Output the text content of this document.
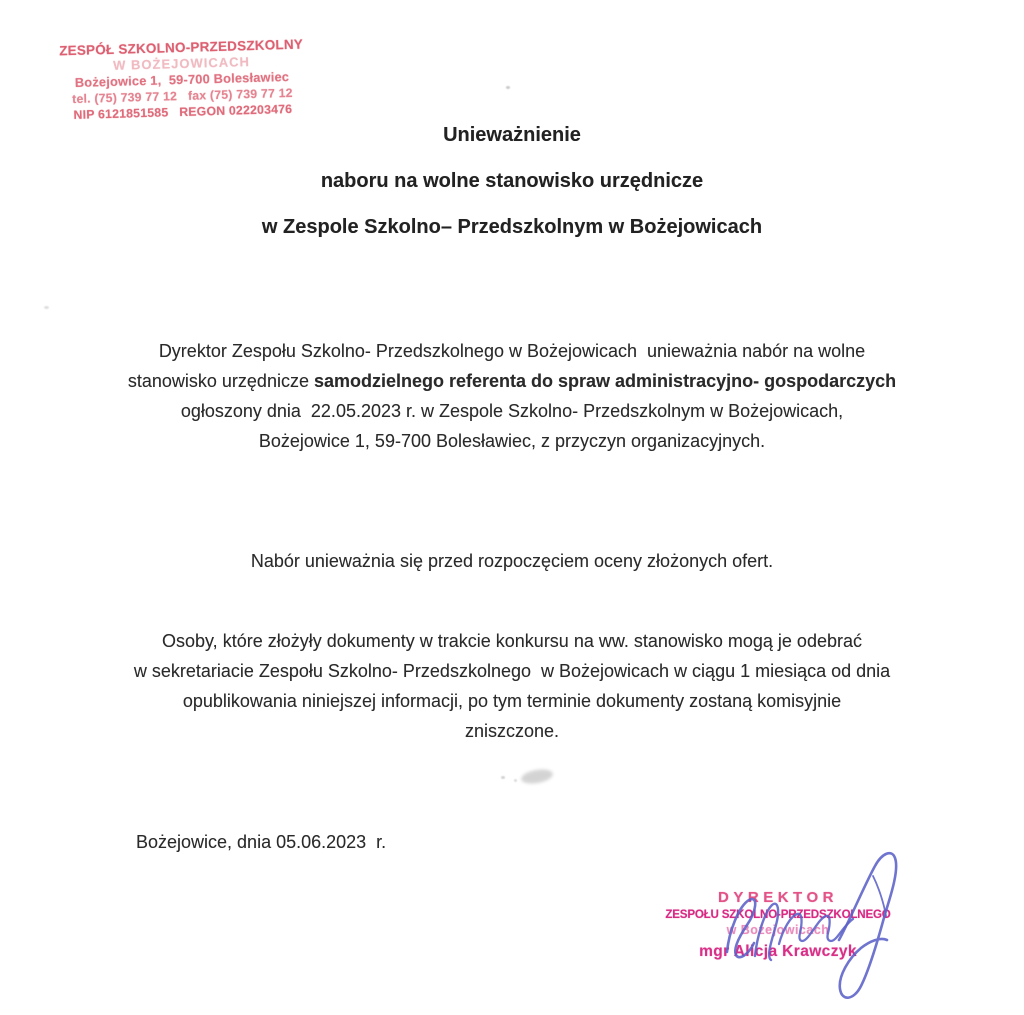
ZESPÓŁ SZKOLNO-PRZEDSZKOLNY
W BOŻEJOWICACH
Bożejowice 1,  59-700 Bolesławiec
tel. (75) 739 77 12   fax (75) 739 77 12
NIP 6121851585   REGON 022203476
Unieważnienie
naboru na wolne stanowisko urzędnicze
w Zespole Szkolno– Przedszkolnym w Bożejowicach
Dyrektor Zespołu Szkolno- Przedszkolnego w Bożejowicach  unieważnia nabór na wolne
stanowisko urzędnicze samodzielnego referenta do spraw administracyjno- gospodarczych
ogłoszony dnia  22.05.2023 r. w Zespole Szkolno- Przedszkolnym w Bożejowicach,
Bożejowice 1, 59-700 Bolesławiec, z przyczyn organizacyjnych.
Nabór unieważnia się przed rozpoczęciem oceny złożonych ofert.
Osoby, które złożyły dokumenty w trakcie konkursu na ww. stanowisko mogą je odebrać
w sekretariacie Zespołu Szkolno- Przedszkolnego  w Bożejowicach w ciągu 1 miesiąca od dnia
opublikowania niniejszej informacji, po tym terminie dokumenty zostaną komisyjnie
zniszczone.
Bożejowice, dnia 05.06.2023  r.
DYREKTOR
ZESPOŁU SZKOLNO-PRZEDSZKOLNEGO
w Bożejowicach
mgr Alicja Krawczyk
